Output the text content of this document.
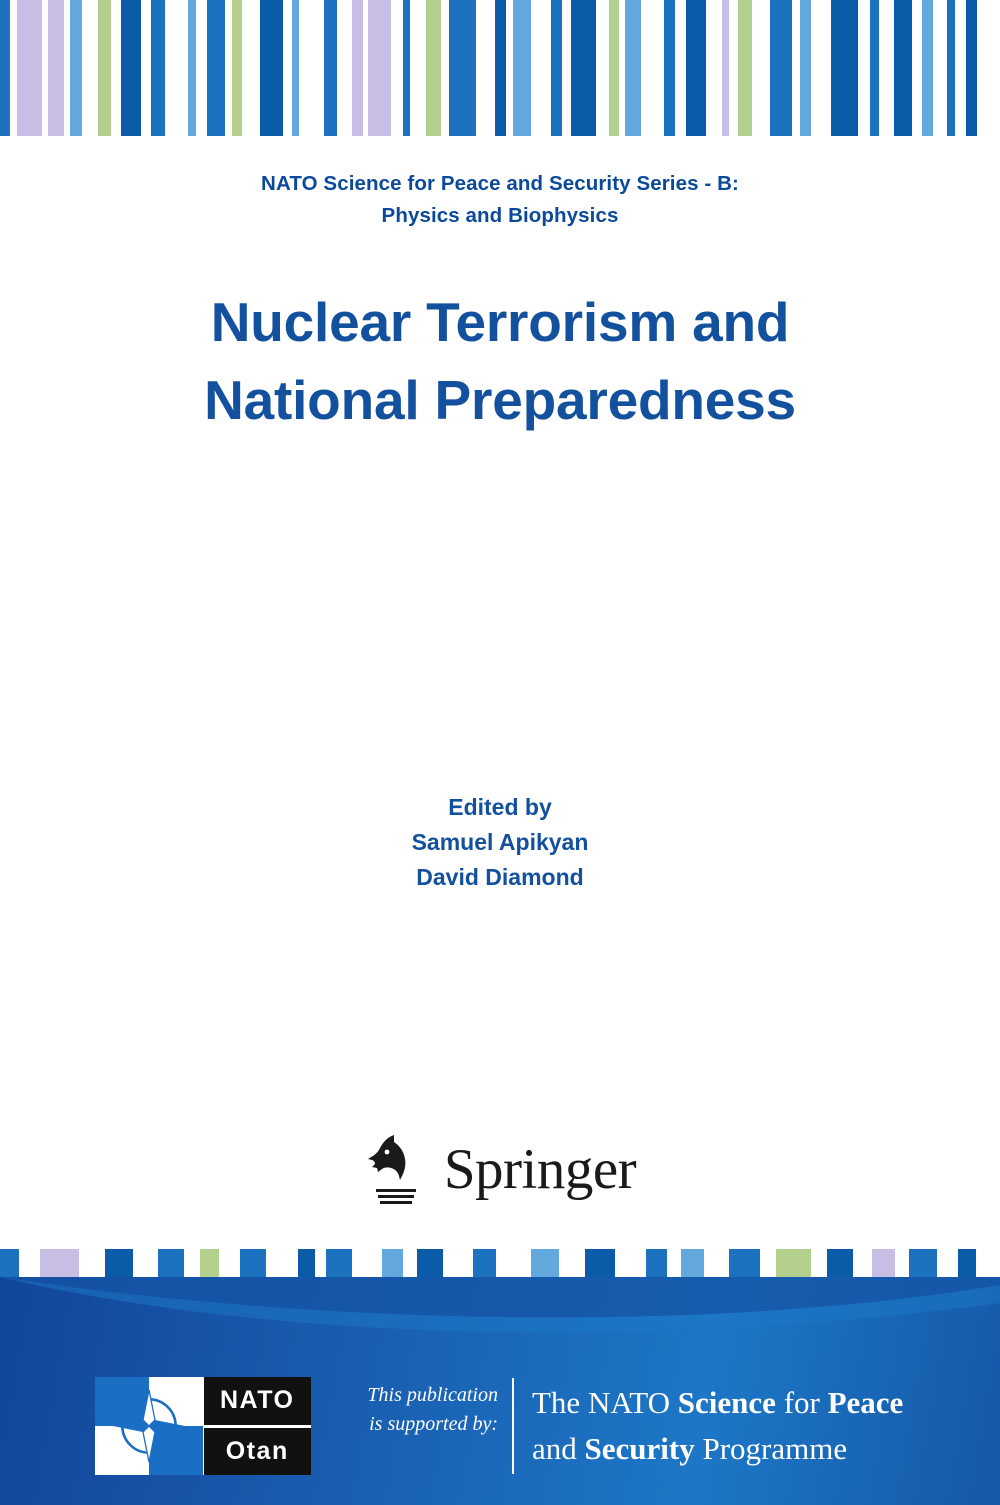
NATO Science for Peace and Security Series - B:
Physics and Biophysics
Nuclear Terrorism and
National Preparedness
Edited by
Samuel Apikyan
David Diamond
Springer
NATO
Otan
This publication
is supported by:
The NATO Science for Peace
and Security Programme
